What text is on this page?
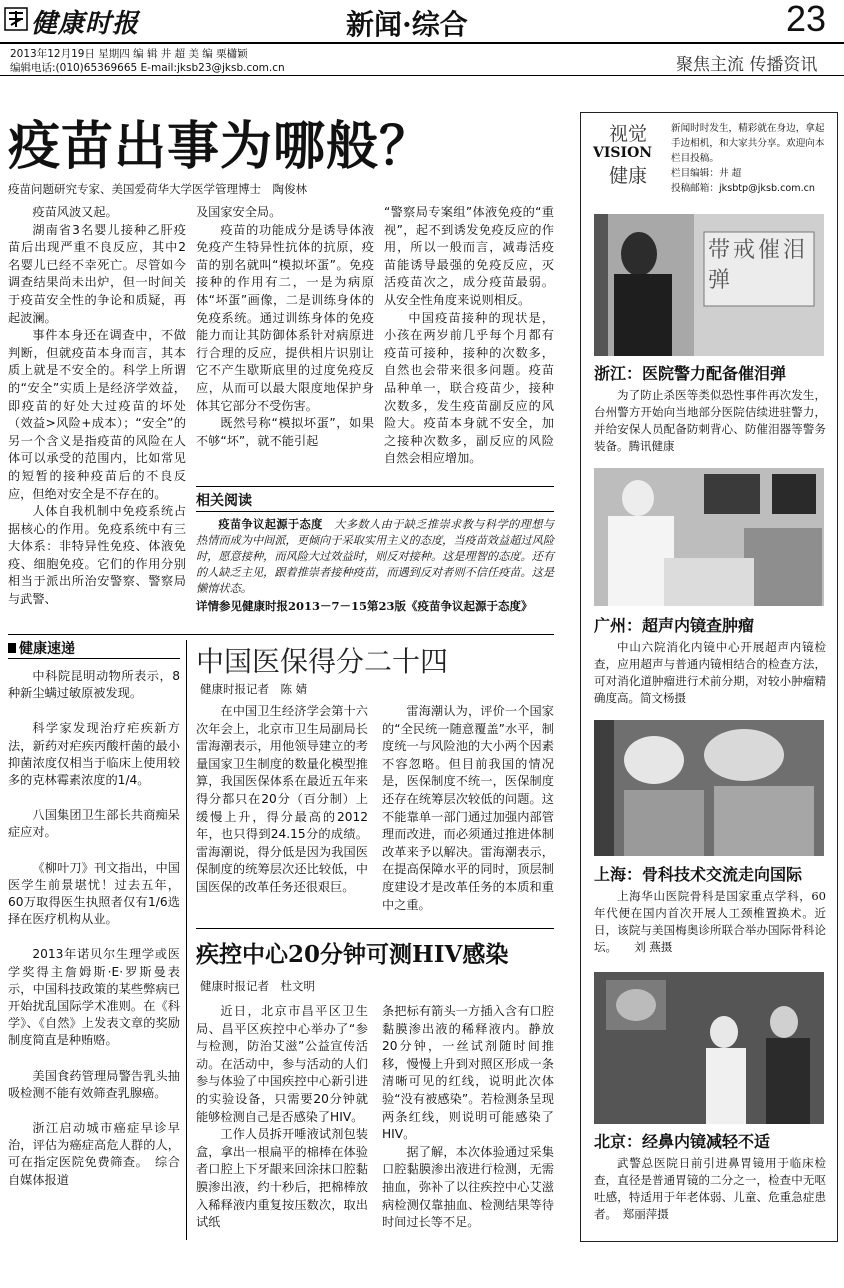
健康时报	新闻·综合	23
2013年12月19日 星期四 编 辑 井 超 美 编 栗櫹颖
编辑电话:(010)65369665 E-mail:jksb23@jksb.com.cn	聚焦主流 传播资讯
疫苗出事为哪般？
疫苗问题研究专家、美国爱荷华大学医学管理博士　陶俊林

疫苗风波又起。

湖南省3名婴儿接种乙肝疫苗后出现严重不良反应，其中2名婴儿已经不幸死亡。尽管如今调查结果尚未出炉，但一时间关于疫苗安全性的争论和质疑，再起波澜。

事件本身还在调查中，不做判断，但就疫苗本身而言，其本质上就是不安全的。科学上所谓的“安全”实质上是经济学效益，即疫苗的好处大过疫苗的坏处（效益>风险+成本）；“安全”的另一个含义是指疫苗的风险在人体可以承受的范围内，比如常见的短暂的接种疫苗后的不良反应，但绝对安全是不存在的。

人体自我机制中免疫系统占据核心的作用。免疫系统中有三大体系：非特异性免疫、体液免疫、细胞免疫。它们的作用分别相当于派出所治安警察、警察局与武警、

及国家安全局。

疫苗的功能成分是诱导体液免疫产生特异性抗体的抗原，疫苗的别名就叫“模拟坏蛋”。免疫接种的作用有二，一是为病原体“坏蛋”画像，二是训练身体的免疫系统。通过训练身体的免疫能力而让其防御体系针对病原进行合理的反应，提供相片识别让它不产生歇斯底里的过度免疫反应，从而可以最大限度地保护身体其它部分不受伤害。

既然号称“模拟坏蛋”，如果不够“坏”，就不能引起

“警察局专案组”体液免疫的“重视”，起不到诱发免疫反应的作用，所以一般而言，减毒活疫苗能诱导最强的免疫反应，灭活疫苗次之，成分疫苗最弱。从安全性角度来说则相反。

中国疫苗接种的现状是，小孩在两岁前几乎每个月都有疫苗可接种，接种的次数多，自然也会带来很多问题。疫苗品种单一，联合疫苗少，接种次数多，发生疫苗副反应的风险大。疫苗本身就不安全，加之接种次数多，副反应的风险自然会相应增加。

相关阅读
疫苗争议起源于态度　 大多数人由于缺乏推崇求教与科学的理想与热情而成为中间派，更倾向于采取实用主义的态度，当疫苗效益超过风险时，愿意接种，而风险大过效益时，则反对接种。这是理智的态度。还有的人缺乏主见，跟着推崇者接种疫苗，而遇到反对者则不信任疫苗。这是懒惰状态。
详情参见健康时报2013－7－15第23版《疫苗争议起源于态度》
健康速递

中科院昆明动物所表示，8种新尘螨过敏原被发现。

科学家发现治疗疟疾新方法，新药对疟疾丙酸杆菌的最小抑菌浓度仅相当于临床上使用较多的克林霉素浓度的1/4。

八国集团卫生部长共商痴呆症应对。

《柳叶刀》刊文指出，中国医学生前景堪忧！过去五年，60万取得医生执照者仅有1/6选择在医疗机构从业。

2013年诺贝尔生理学或医学奖得主詹姆斯·E·罗斯曼表示，中国科技政策的某些弊病已开始扰乱国际学术准则。在《科学》、《自然》上发表文章的奖励制度简直是种贿赂。

美国食药管理局警告乳头抽吸检测不能有效筛查乳腺癌。

浙江启动城市癌症早诊早治，评估为癌症高危人群的人，可在指定医院免费筛查。　综合自媒体报道

中国医保得分二十四
健康时报记者　陈 婧

在中国卫生经济学会第十六次年会上，北京市卫生局副局长雷海潮表示，用他领导建立的考量国家卫生制度的数量化模型推算，我国医保体系在最近五年来得分都只在20分（百分制）上缓慢上升，得分最高的2012年，也只得到24.15分的成绩。雷海潮说，得分低是因为我国医保制度的统筹层次还比较低，中国医保的改革任务还很艰巨。

雷海潮认为，评价一个国家的“全民统一随意覆盖”水平，制度统一与风险池的大小两个因素不容忽略。但目前我国的情况是，医保制度不统一，医保制度还存在统筹层次较低的问题。这不能靠单一部门通过加强内部管理而改进，而必须通过推进体制改革来予以解决。雷海潮表示，在提高保障水平的同时，顶层制度建设才是改革任务的本质和重中之重。

疾控中心20分钟可测HIV感染
健康时报记者　杜文明

近日，北京市昌平区卫生局、昌平区疾控中心举办了“参与检测，防治艾滋”公益宣传活动。在活动中，参与活动的人们参与体验了中国疾控中心新引进的实验设备，只需要20分钟就能够检测自己是否感染了HIV。

工作人员拆开唾液试剂包装盒，拿出一根扁平的棉棒在体验者口腔上下牙龈来回涂抹口腔黏膜渗出液，约十秒后，把棉棒放入稀释液内重复按压数次，取出试纸

条把标有箭头一方插入含有口腔黏膜渗出液的稀释液内。静放20分钟，一丝试剂随时间推移，慢慢上升到对照区形成一条清晰可见的红线，说明此次体验“没有被感染”。若检测条呈现两条红线，则说明可能感染了HIV。

据了解，本次体验通过采集口腔黏膜渗出液进行检测，无需抽血，弥补了以往疾控中心艾滋病检测仅靠抽血、检测结果等待时间过长等不足。

视觉
VISION
健康
新闻时时发生，精彩就在身边，拿起手边相机，和大家共分享。欢迎向本栏目投稿。
栏目编辑：井 超
投稿邮箱：jksbtp@jksb.com.cn
带戒催泪弹
浙江：医院警力配备催泪弹
为了防止杀医等类似恐性事件再次发生，台州警方开始向当地部分医院佶续进驻警力，并给安保人员配备防刺背心、防催泪器等警务装备。腾讯健康
广州：超声内镜查肿瘤
中山六院消化内镜中心开展超声内镜检查，应用超声与普通内镜相结合的检查方法，可对消化道肿瘤进行术前分期，对较小肿瘤精确度高。简文杨摄
上海：骨科技术交流走向国际
上海华山医院骨科是国家重点学科，60年代便在国内首次开展人工颈椎置换术。近日，该院与美国梅奥诊所联合举办国际骨科论坛。　　刘 燕摄
北京：经鼻内镜减轻不适
武警总医院日前引进鼻胃镜用于临床检查，直径是普通胃镜的二分之一，检查中无呕吐感，特适用于年老体弱、儿童、危重急症患者。　郑丽萍摄
